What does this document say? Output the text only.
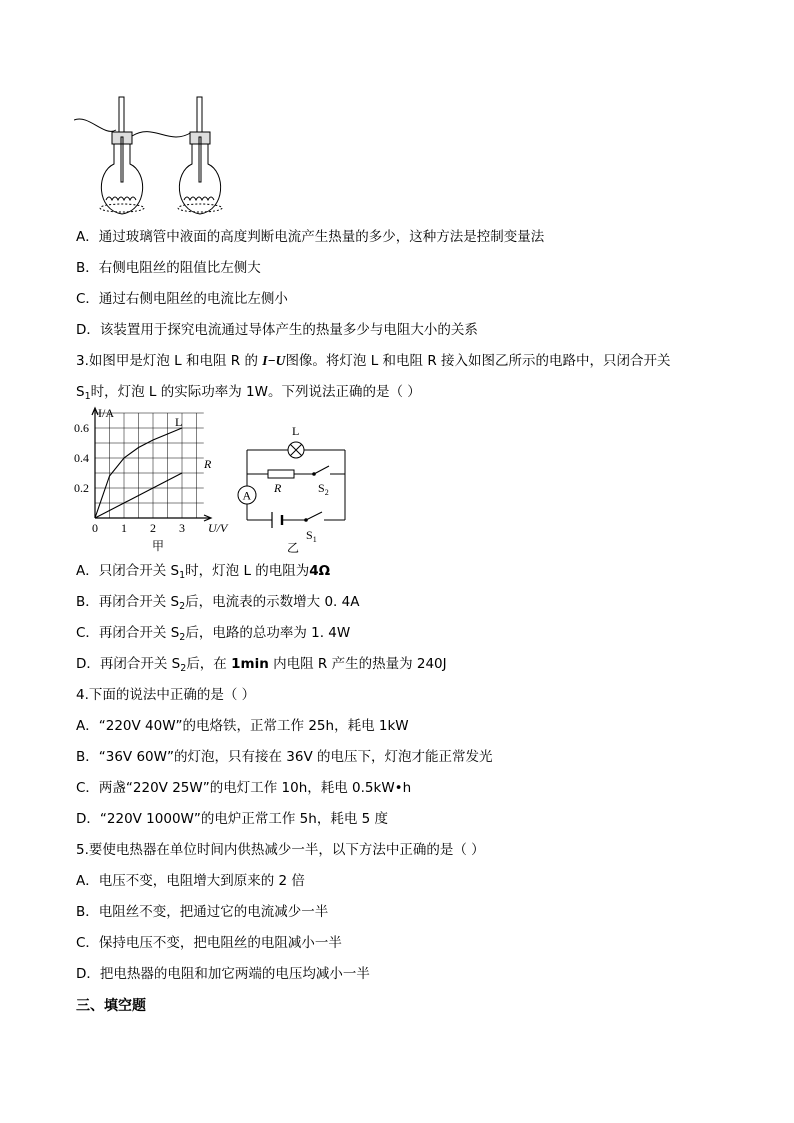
A．通过玻璃管中液面的高度判断电流产生热量的多少，这种方法是控制变量法
B．右侧电阻丝的阻值比左侧大
C．通过右侧电阻丝的电流比左侧小
D．该装置用于探究电流通过导体产生的热量多少与电阻大小的关系
3.如图甲是灯泡 L 和电阻 R 的 I−U图像。将灯泡 L 和电阻 R 接入如图乙所示的电路中，只闭合开关
$S_1$时，灯泡 L 的实际功率为 1W。下列说法正确的是（ ）
I/A
U/V
0.6
0.4
0.2
0 1 2 3
L
R
甲
L
R	$S_2$
A
$S_1$
乙
A．只闭合开关 $S_1$时，灯泡 L 的电阻为4Ω
B．再闭合开关 $S_2$后，电流表的示数增大 0. 4A
C．再闭合开关 $S_2$后，电路的总功率为 1. 4W
D．再闭合开关 $S_2$后，在 1min 内电阻 R 产生的热量为 240J
4.下面的说法中正确的是（ ）
A．“220V 40W”的电烙铁，正常工作 25h，耗电 1kW
B．“36V 60W”的灯泡，只有接在 36V 的电压下，灯泡才能正常发光
C．两盏“220V 25W”的电灯工作 10h，耗电 0.5kW•h
D．“220V 1000W”的电炉正常工作 5h，耗电 5 度
5.要使电热器在单位时间内供热减少一半，以下方法中正确的是（ ）
A．电压不变，电阻增大到原来的 2 倍
B．电阻丝不变，把通过它的电流减少一半
C．保持电压不变，把电阻丝的电阻减小一半
D．把电热器的电阻和加它两端的电压均减小一半
三、填空题
